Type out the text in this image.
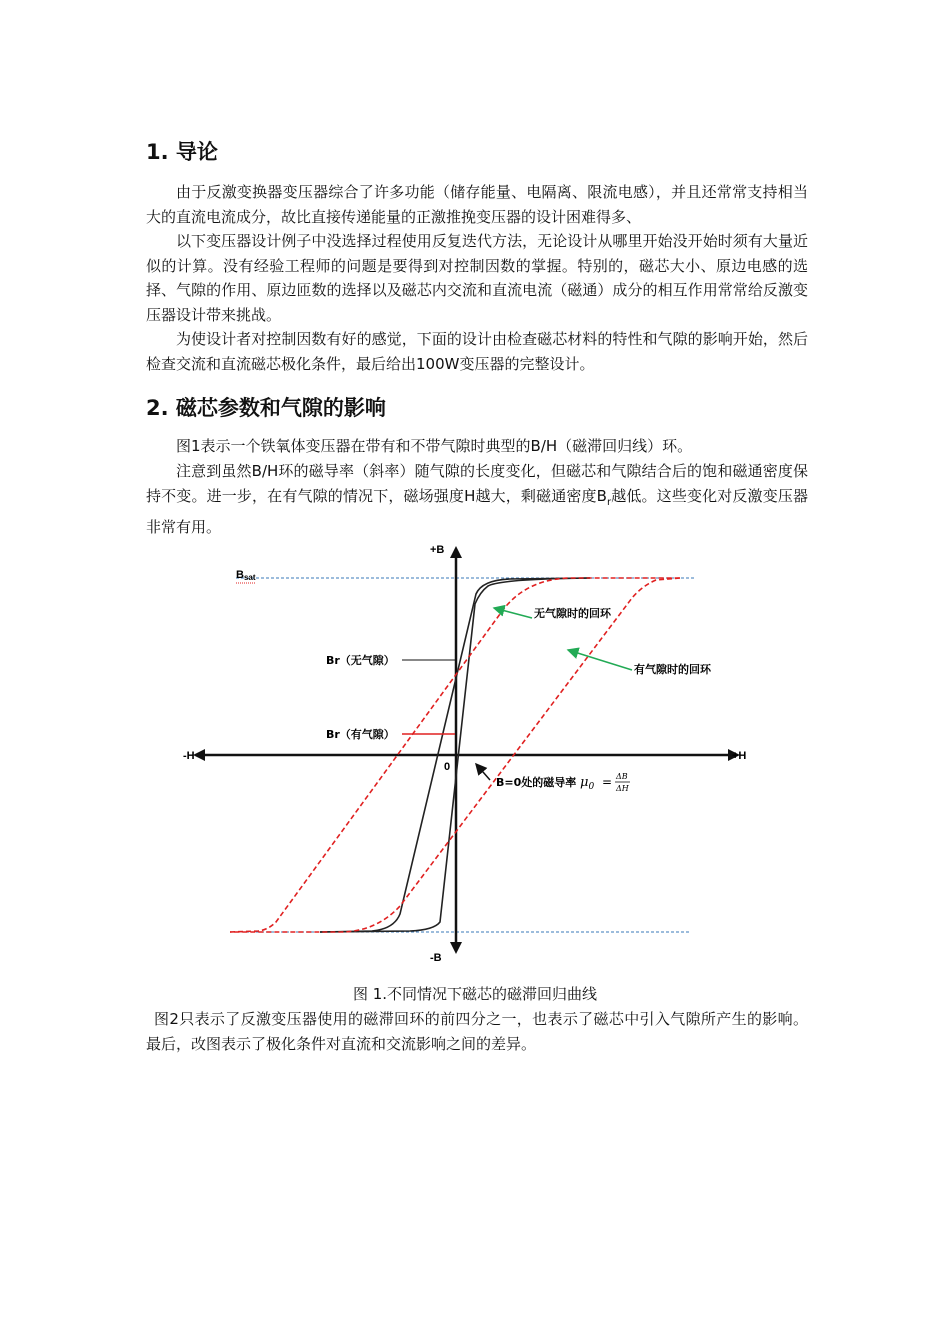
1. 导论

由于反激变换器变压器综合了许多功能（储存能量、电隔离、限流电感），并且还常常支持相当大的直流电流成分，故比直接传递能量的正激推挽变压器的设计困难得多、

以下变压器设计例子中没选择过程使用反复迭代方法，无论设计从哪里开始没开始时须有大量近似的计算。没有经验工程师的问题是要得到对控制因数的掌握。特别的，磁芯大小、原边电感的选择、气隙的作用、原边匝数的选择以及磁芯内交流和直流电流（磁通）成分的相互作用常常给反激变压器设计带来挑战。

为使设计者对控制因数有好的感觉，下面的设计由检查磁芯材料的特性和气隙的影响开始，然后检查交流和直流磁芯极化条件，最后给出100W变压器的完整设计。

2. 磁芯参数和气隙的影响

图1表示一个铁氧体变压器在带有和不带气隙时典型的B/H（磁滞回归线）环。

注意到虽然B/H环的磁导率（斜率）随气隙的长度变化，但磁芯和气隙结合后的饱和磁通密度保持不变。进一步，在有气隙的情况下，磁场强度H越大，剩磁通密度$B_r$越低。这些变化对反激变压器非常有用。

+B
-B
-H	+H
0
Bsat
Br（无气隙）
Br（有气隙）
无气隙时的回环
有气隙时的回环
B=0处的磁导率 $\mu_0 = \Delta B$
ΔH

图 1.不同情况下磁芯的磁滞回归曲线

图2只表示了反激变压器使用的磁滞回环的前四分之一，也表示了磁芯中引入气隙所产生的影响。最后，改图表示了极化条件对直流和交流影响之间的差异。
